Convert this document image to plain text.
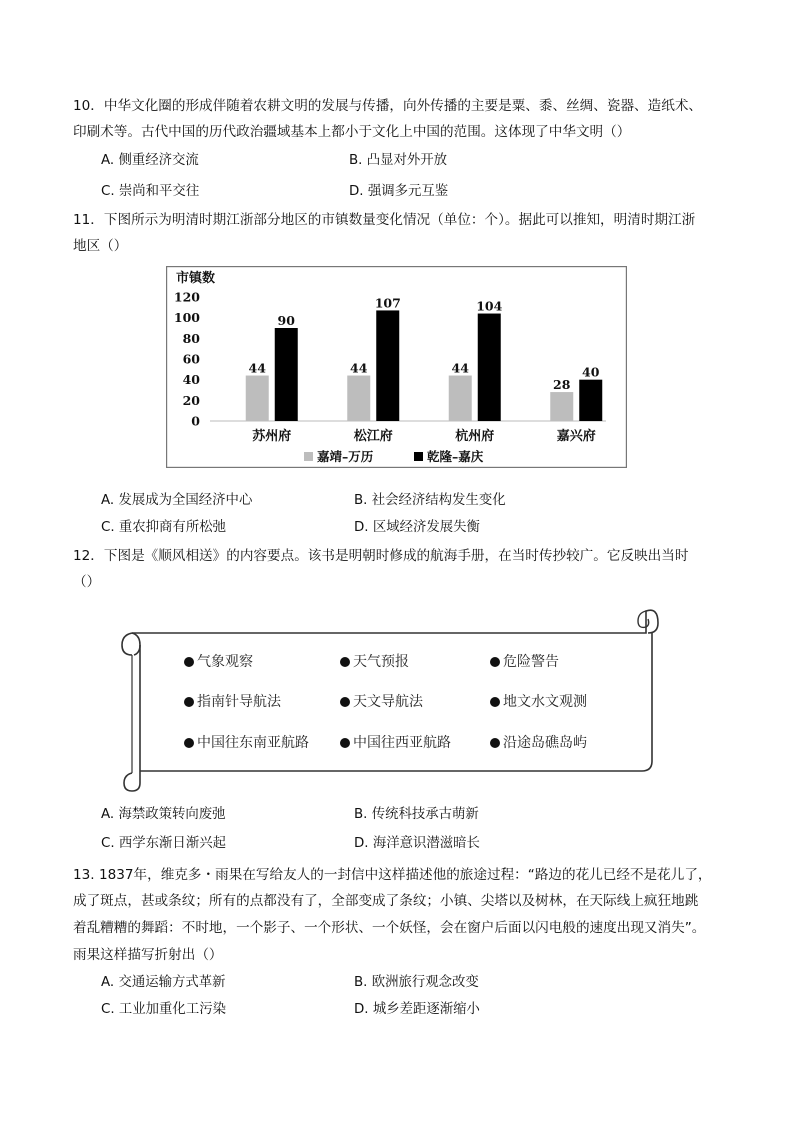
10．中华文化圈的形成伴随着农耕文明的发展与传播，向外传播的主要是粟、黍、丝绸、瓷器、造纸术、
印刷术等。古代中国的历代政治疆域基本上都小于文化上中国的范围。这体现了中华文明（）
A. 侧重经济交流	B. 凸显对外开放
C. 崇尚和平交往	D. 强调多元互鉴
11．下图所示为明清时期江浙部分地区的市镇数量变化情况（单位：个）。据此可以推知，明清时期江浙
地区（）
市镇数
0
20
40
60
80
100
120
44
90
苏州府
44
107
松江府
44
104
杭州府
28
40
嘉兴府
嘉靖–万历	乾隆–嘉庆
A. 发展成为全国经济中心	B. 社会经济结构发生变化
C. 重农抑商有所松弛	D. 区域经济发展失衡
12．下图是《顺风相送》的内容要点。该书是明朝时修成的航海手册，在当时传抄较广。它反映出当时
（）
气象观察	天气预报	危险警告
指南针导航法	天文导航法	地文水文观测
中国往东南亚航路	中国往西亚航路	沿途岛礁岛屿
A. 海禁政策转向废弛	B. 传统科技承古萌新
C. 西学东渐日渐兴起	D. 海洋意识潜滋暗长
13. 1837年，维克多・雨果在写给友人的一封信中这样描述他的旅途过程：“路边的花儿已经不是花儿了，
成了斑点，甚或条纹；所有的点都没有了，全部变成了条纹；小镇、尖塔以及树林，在天际线上疯狂地跳
着乱糟糟的舞蹈：不时地，一个影子、一个形状、一个妖怪，会在窗户后面以闪电般的速度出现又消失”。
雨果这样描写折射出（）
A. 交通运输方式革新	B. 欧洲旅行观念改变
C. 工业加重化工污染	D. 城乡差距逐渐缩小
